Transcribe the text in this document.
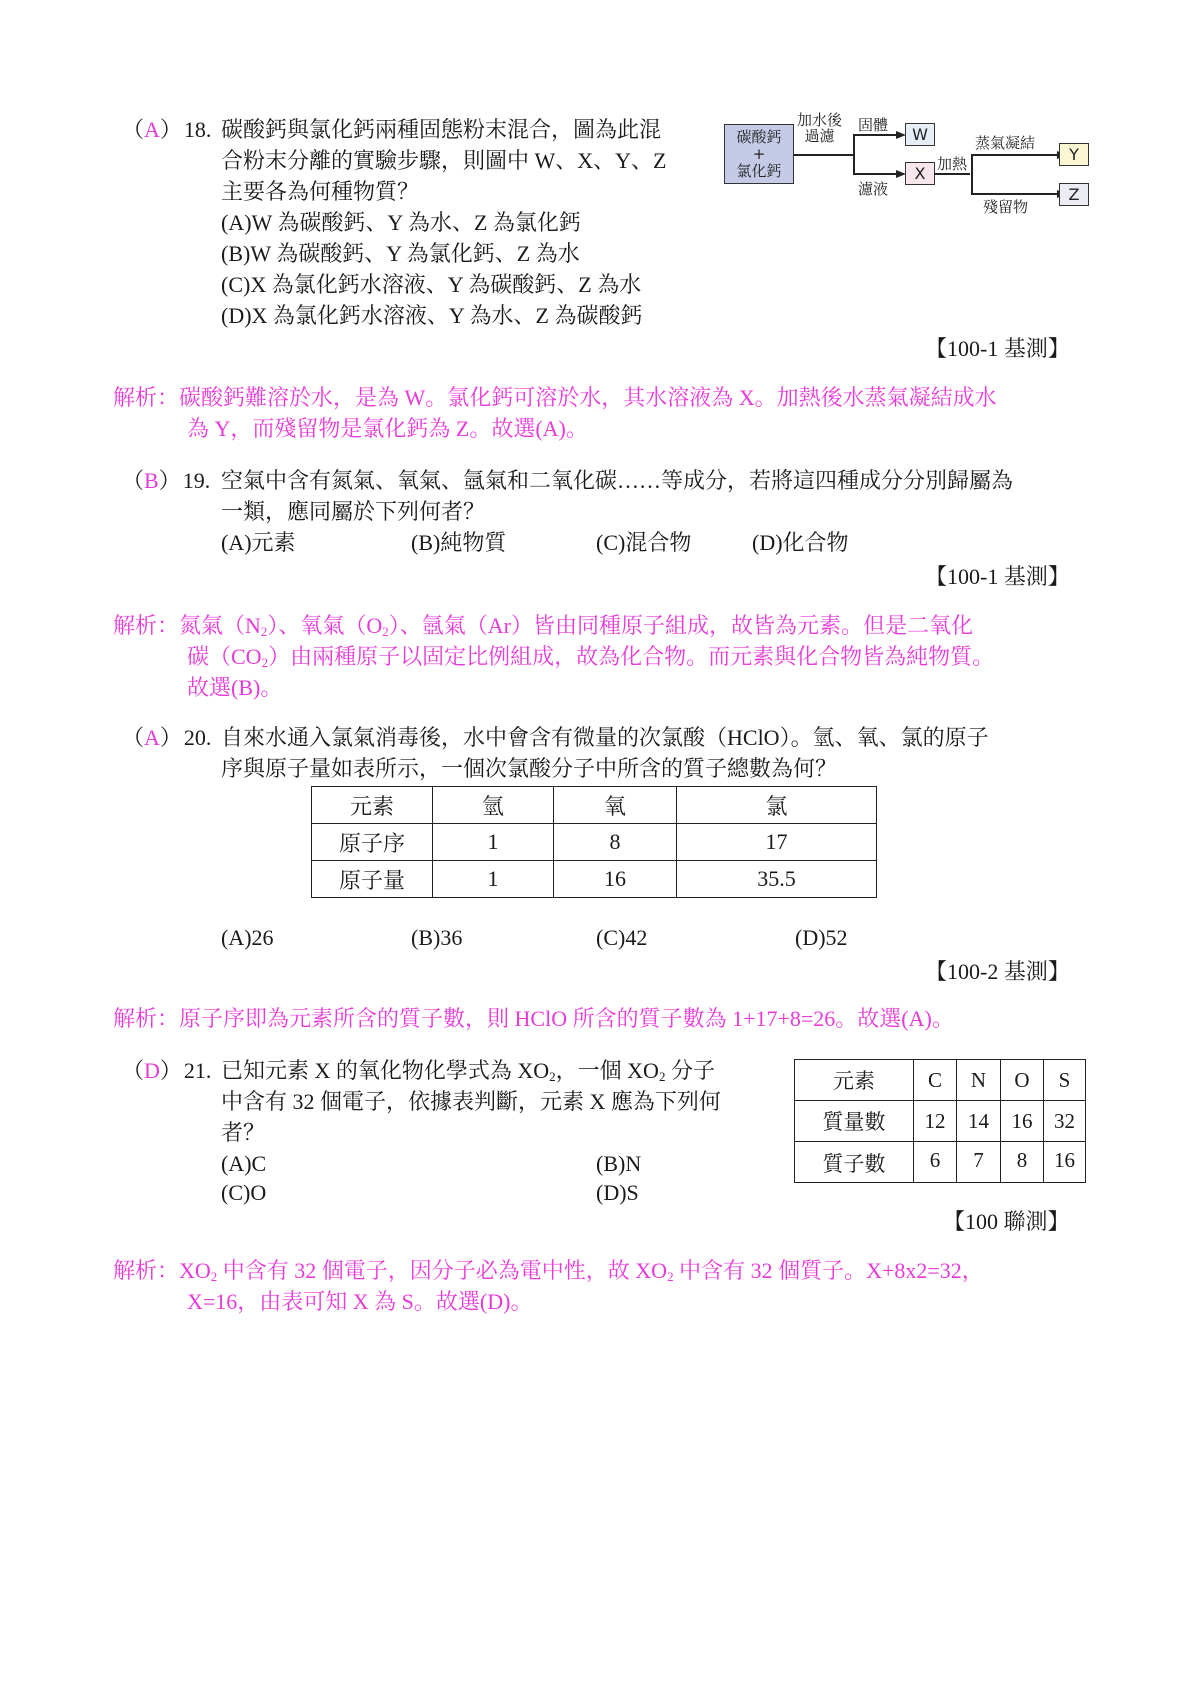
（A）18. 碳酸鈣與氯化鈣兩種固態粉末混合，圖為此混
合粉末分離的實驗步驟，則圖中 W、X、Y、Z
主要各為何種物質？
(A)W 為碳酸鈣、Y 為水、Z 為氯化鈣
(B)W 為碳酸鈣、Y 為氯化鈣、Z 為水
(C)X 為氯化鈣水溶液、Y 為碳酸鈣、Z 為水
(D)X 為氯化鈣水溶液、Y 為水、Z 為碳酸鈣
【100-1 基測】
碳酸鈣
+
氯化鈣
加水後
過濾
固體
濾液
W
X 加熱
蒸氣凝結
殘留物
Y
Z
解析：碳酸鈣難溶於水，是為 W。氯化鈣可溶於水，其水溶液為 X。加熱後水蒸氣凝結成水
為 Y，而殘留物是氯化鈣為 Z。故選(A)。
（B）19. 空氣中含有氮氣、氧氣、氬氣和二氧化碳……等成分，若將這四種成分分別歸屬為
一類，應同屬於下列何者？
(A)元素	(B)純物質	(C)混合物	(D)化合物
【100-1 基測】
解析：氮氣$(N_2)$、氧氣$(O_2)$、氬氣（Ar）皆由同種原子組成，故皆為元素。但是二氧化
碳$(CO_2)$由兩種原子以固定比例組成，故為化合物。而元素與化合物皆為純物質。
故選(B)。
（A）20. 自來水通入氯氣消毒後，水中會含有微量的次氯酸（HClO）。氫、氧、氯的原子
序與原子量如表所示，一個次氯酸分子中所含的質子總數為何？
元素	氫	氧	氯
原子序	1	8	17
原子量	1	16	35.5
(A)26	(B)36	(C)42	(D)52
【100-2 基測】
解析：原子序即為元素所含的質子數，則 HClO 所含的質子數為 1+17+8=26。故選(A)。
（D）21. 已知元素 X 的氧化物化學式為 $XO_2$，一個 $XO_2$ 分子
中含有 32 個電子，依據表判斷，元素 X 應為下列何
者？
(A)C	(B)N
(C)O	(D)S
元素	C	N	O	S
質量數	12	14	16	32
質子數	6	7	8	16
【100 聯測】
解析：$XO_2$ 中含有 32 個電子，因分子必為電中性，故 $XO_2$ 中含有 32 個質子。X+8x2=32，
X=16，由表可知 X 為 S。故選(D)。
